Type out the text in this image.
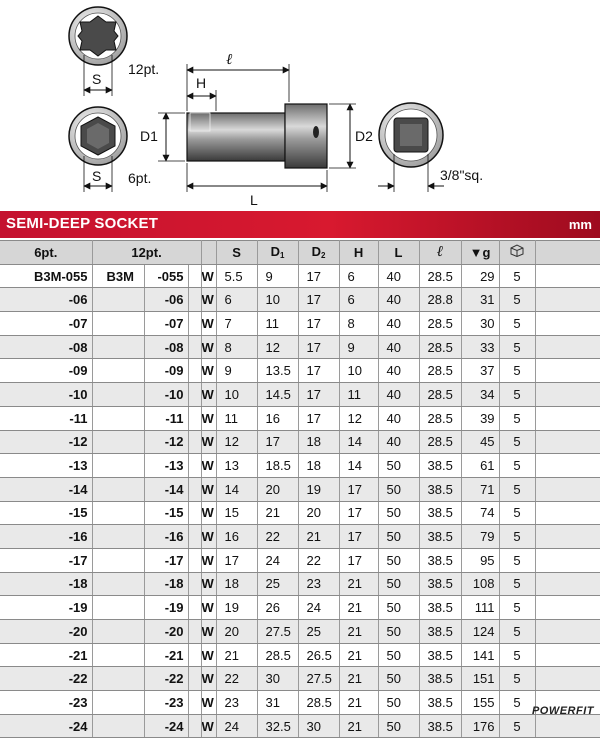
S
12pt.
S 6pt.
ℓ
H
D1	D2
L
3/8"sq.
SEMI-DEEP SOCKET	mm
6pt.	12pt.				S	$D_1$	$D_2$	H	L	ℓ	▼g		
B3M-055	B3M	-055		W	5.5	9	17	6	40	28.5	29	5	
-06		-06		W	6	10	17	6	40	28.8	31	5	
-07		-07		W	7	11	17	8	40	28.5	30	5	
-08		-08		W	8	12	17	9	40	28.5	33	5	
-09		-09		W	9	13.5	17	10	40	28.5	37	5	
-10		-10		W	10	14.5	17	11	40	28.5	34	5	
-11		-11		W	11	16	17	12	40	28.5	39	5	
-12		-12		W	12	17	18	14	40	28.5	45	5	
-13		-13		W	13	18.5	18	14	50	38.5	61	5	
-14		-14		W	14	20	19	17	50	38.5	71	5	
-15		-15		W	15	21	20	17	50	38.5	74	5	
-16		-16		W	16	22	21	17	50	38.5	79	5	
-17		-17		W	17	24	22	17	50	38.5	95	5	
-18		-18		W	18	25	23	21	50	38.5	108	5	
-19		-19		W	19	26	24	21	50	38.5	111	5	
-20		-20		W	20	27.5	25	21	50	38.5	124	5	
-21		-21		W	21	28.5	26.5	21	50	38.5	141	5	
-22		-22		W	22	30	27.5	21	50	38.5	151	5	
-23		-23		W	23	31	28.5	21	50	38.5	155	5	
-24		-24		W	24	32.5	30	21	50	38.5	176	5	
POWERFIT
